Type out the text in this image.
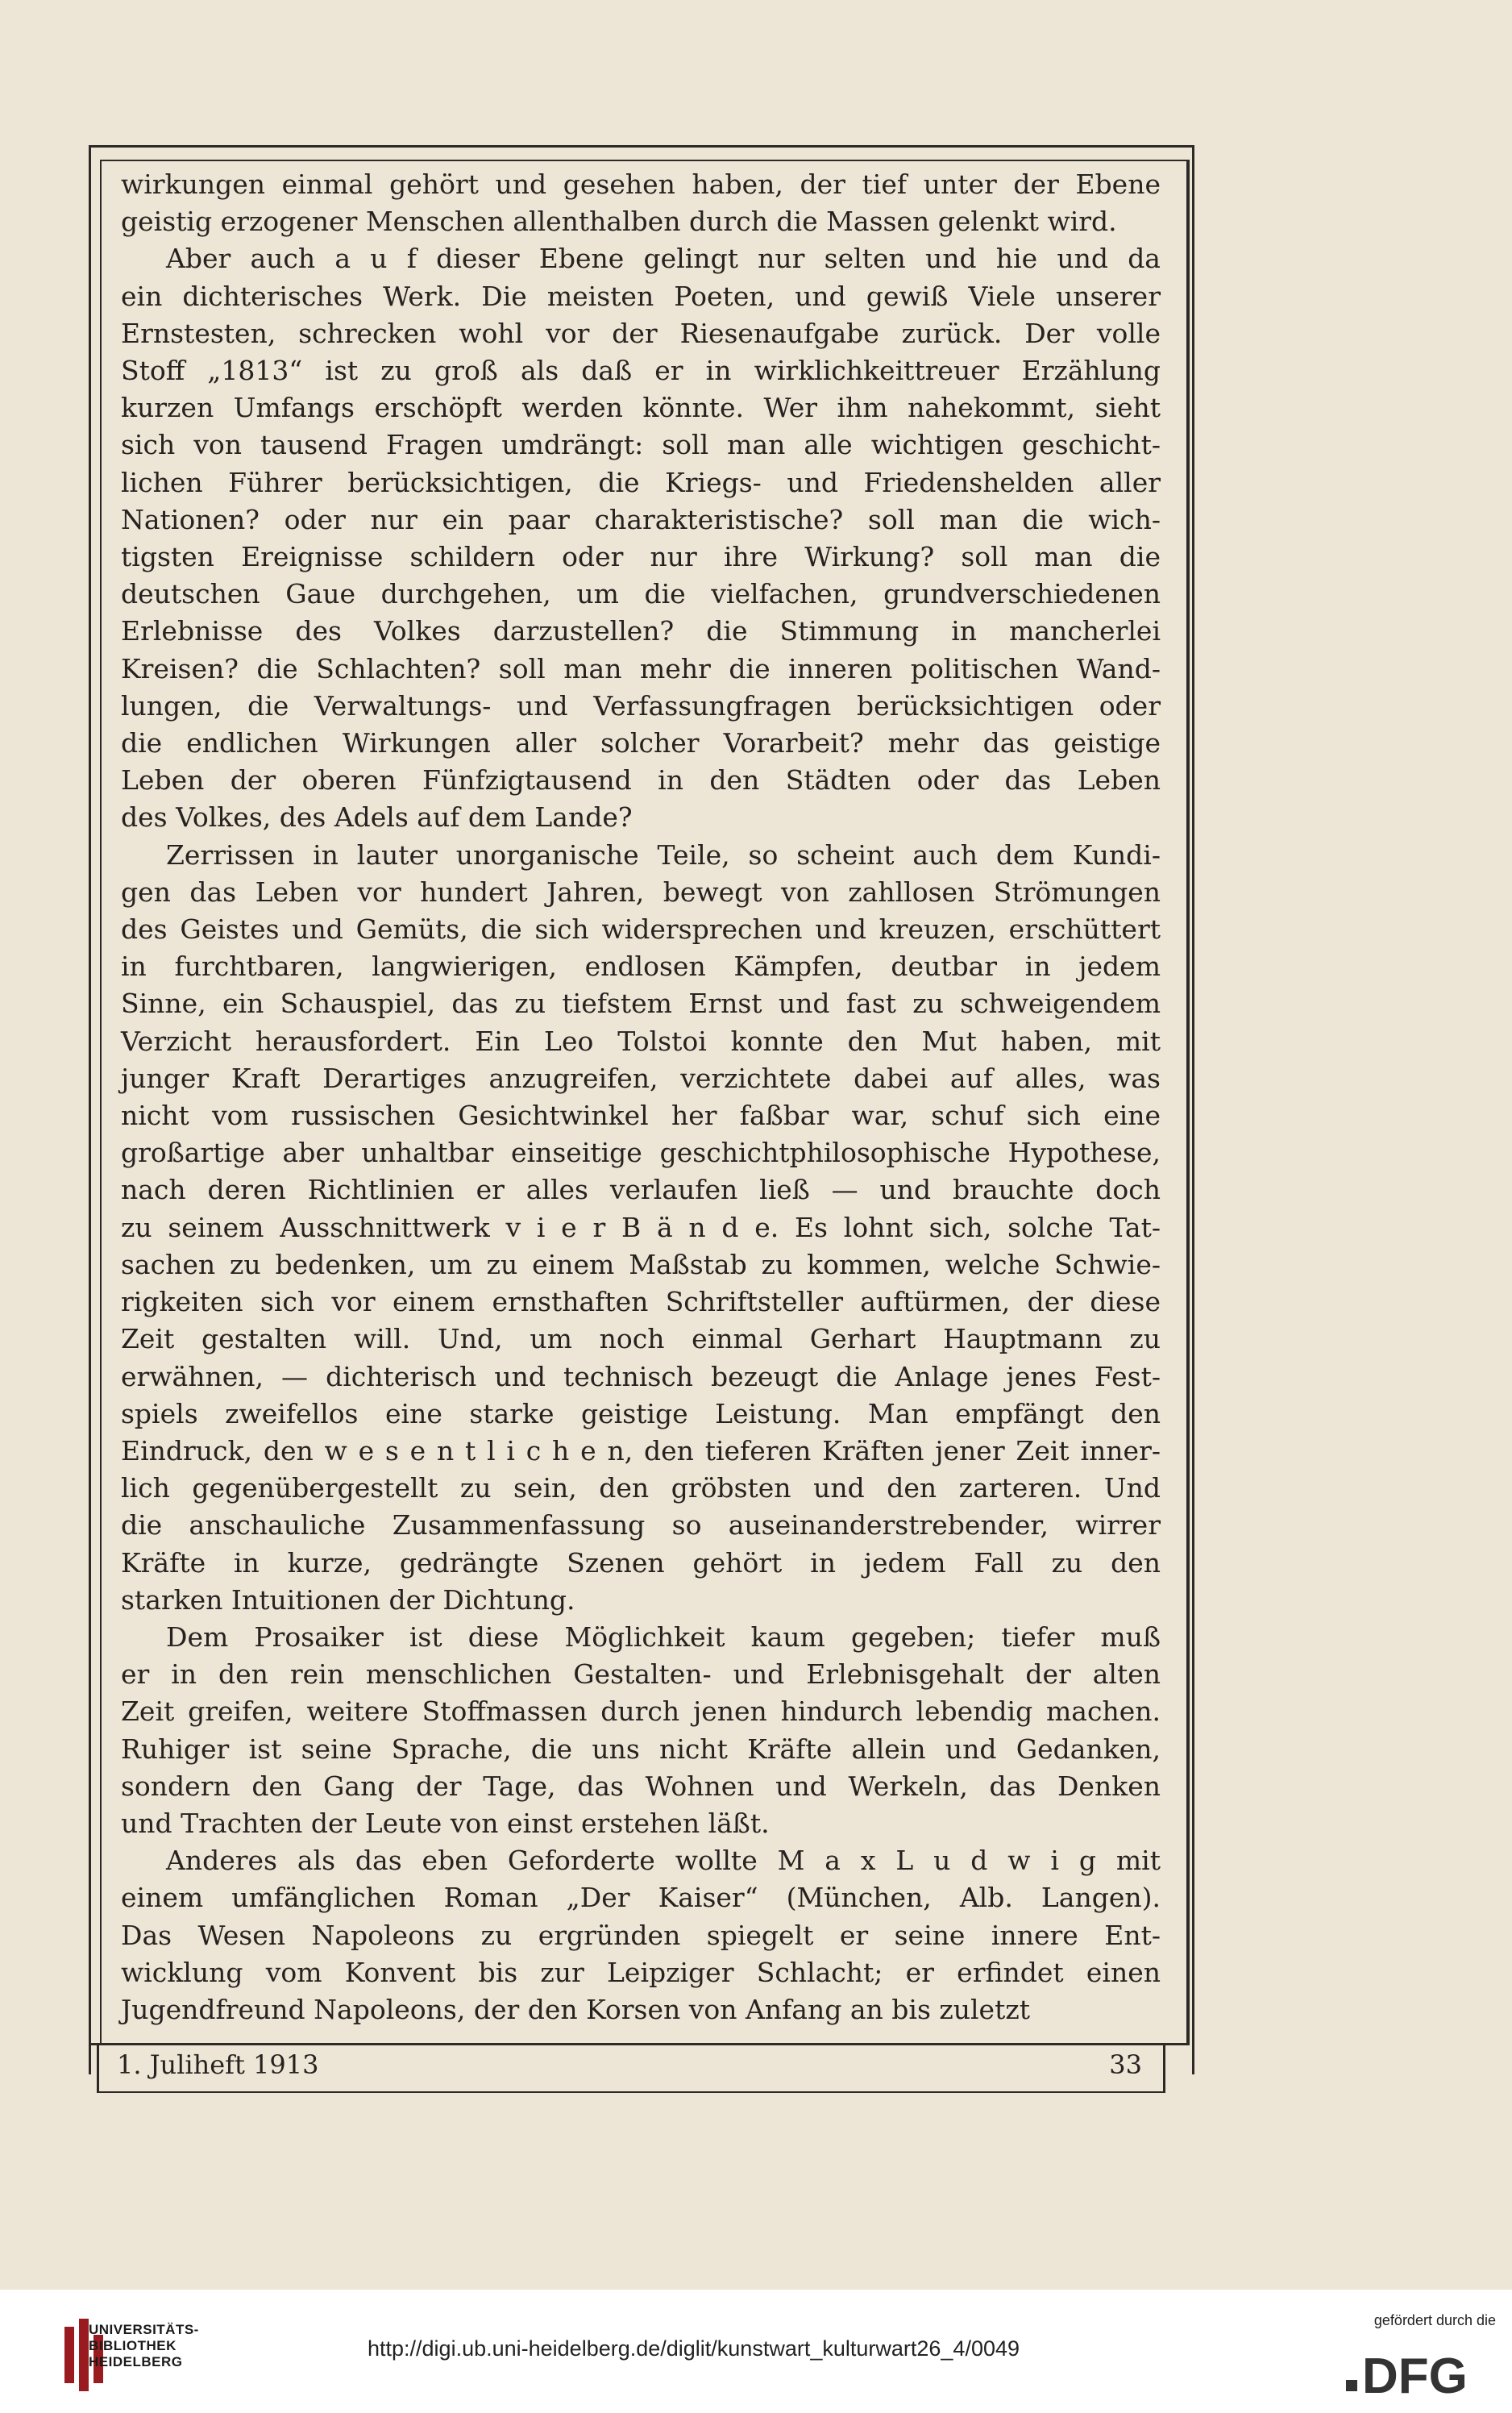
wirkungen einmal gehört und gesehen haben, der tief unter der Ebene
geistig erzogener Menschen allenthalben durch die Massen gelenkt wird.
Aber auch a u f dieser Ebene gelingt nur selten und hie und da
ein dichterisches Werk. Die meisten Poeten, und gewiß Viele unserer
Ernstesten, schrecken wohl vor der Riesenaufgabe zurück. Der volle
Stoff „1813“ ist zu groß als daß er in wirklichkeittreuer Erzählung
kurzen Umfangs erschöpft werden könnte. Wer ihm nahekommt, sieht
sich von tausend Fragen umdrängt: soll man alle wichtigen geschicht-
lichen Führer berücksichtigen, die Kriegs- und Friedenshelden aller
Nationen? oder nur ein paar charakteristische? soll man die wich-
tigsten Ereignisse schildern oder nur ihre Wirkung? soll man die
deutschen Gaue durchgehen, um die vielfachen, grundverschiedenen
Erlebnisse des Volkes darzustellen? die Stimmung in mancherlei
Kreisen? die Schlachten? soll man mehr die inneren politischen Wand-
lungen, die Verwaltungs- und Verfassungfragen berücksichtigen oder
die endlichen Wirkungen aller solcher Vorarbeit? mehr das geistige
Leben der oberen Fünfzigtausend in den Städten oder das Leben
des Volkes, des Adels auf dem Lande?
Zerrissen in lauter unorganische Teile, so scheint auch dem Kundi-
gen das Leben vor hundert Jahren, bewegt von zahllosen Strömungen
des Geistes und Gemüts, die sich widersprechen und kreuzen, erschüttert
in furchtbaren, langwierigen, endlosen Kämpfen, deutbar in jedem
Sinne, ein Schauspiel, das zu tiefstem Ernst und fast zu schweigendem
Verzicht herausfordert. Ein Leo Tolstoi konnte den Mut haben, mit
junger Kraft Derartiges anzugreifen, verzichtete dabei auf alles, was
nicht vom russischen Gesichtwinkel her faßbar war, schuf sich eine
großartige aber unhaltbar einseitige geschichtphilosophische Hypothese,
nach deren Richtlinien er alles verlaufen ließ — und brauchte doch
zu seinem Ausschnittwerk v i e r B ä n d e. Es lohnt sich, solche Tat-
sachen zu bedenken, um zu einem Maßstab zu kommen, welche Schwie-
rigkeiten sich vor einem ernsthaften Schriftsteller auftürmen, der diese
Zeit gestalten will. Und, um noch einmal Gerhart Hauptmann zu
erwähnen, — dichterisch und technisch bezeugt die Anlage jenes Fest-
spiels zweifellos eine starke geistige Leistung. Man empfängt den
Eindruck, den w e s e n t l i c h e n, den tieferen Kräften jener Zeit inner-
lich gegenübergestellt zu sein, den gröbsten und den zarteren. Und
die anschauliche Zusammenfassung so auseinanderstrebender, wirrer
Kräfte in kurze, gedrängte Szenen gehört in jedem Fall zu den
starken Intuitionen der Dichtung.
Dem Prosaiker ist diese Möglichkeit kaum gegeben; tiefer muß
er in den rein menschlichen Gestalten- und Erlebnisgehalt der alten
Zeit greifen, weitere Stoffmassen durch jenen hindurch lebendig machen.
Ruhiger ist seine Sprache, die uns nicht Kräfte allein und Gedanken,
sondern den Gang der Tage, das Wohnen und Werkeln, das Denken
und Trachten der Leute von einst erstehen läßt.
Anderes als das eben Geforderte wollte M a x L u d w i g mit
einem umfänglichen Roman „Der Kaiser“ (München, Alb. Langen).
Das Wesen Napoleons zu ergründen spiegelt er seine innere Ent-
wicklung vom Konvent bis zur Leipziger Schlacht; er erfindet einen
Jugendfreund Napoleons, der den Korsen von Anfang an bis zuletzt
1. Juliheft 1913	33
UNIVERSITÄTS-
BIBLIOTHEK
HEIDELBERG
http://digi.ub.uni-heidelberg.de/diglit/kunstwart_kulturwart26_4/0049
gefördert durch die
DFG
